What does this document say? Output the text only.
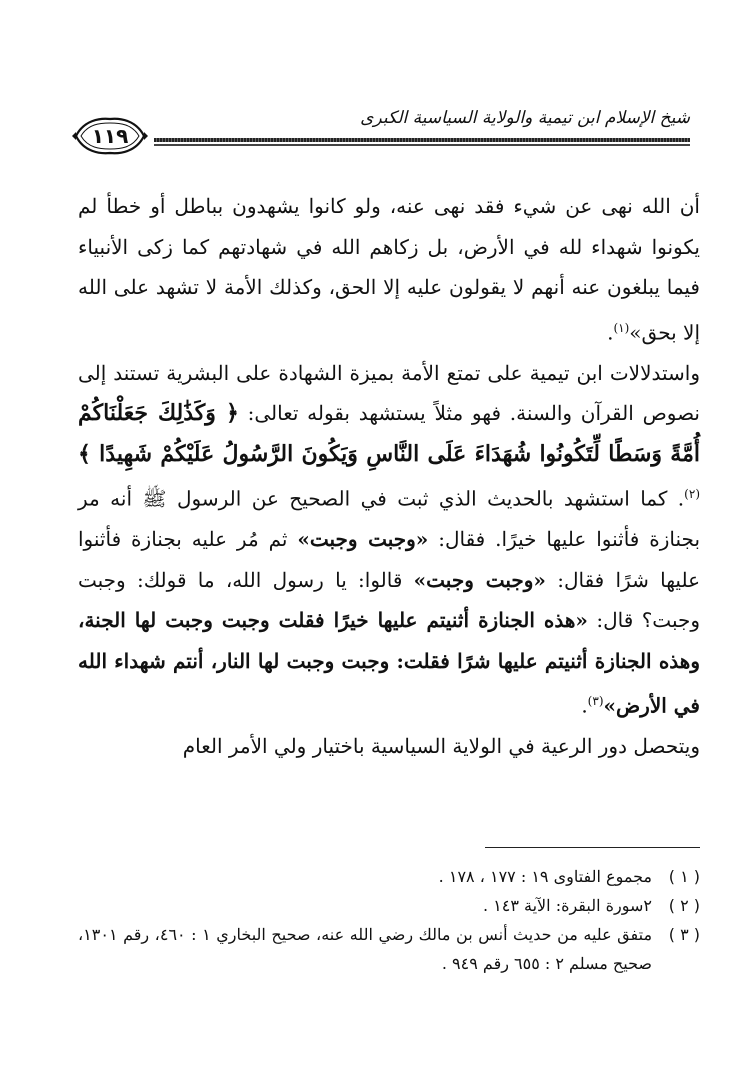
١١٩
شيخ الإسلام ابن تيمية والولاية السياسية الكبرى

أن الله نهى عن شيء فقد نهى عنه، ولو كانوا يشهدون بباطل أو خطأ لم يكونوا شهداء لله في الأرض، بل زكاهم الله في شهادتهم كما زكى الأنبياء فيما يبلغون عنه أنهم لا يقولون عليه إلا الحق، وكذلك الأمة لا تشهد على الله إلا بحق»$^{(١)}$.

واستدلالات ابن تيمية على تمتع الأمة بميزة الشهادة على البشرية تستند إلى نصوص القرآن والسنة. فهو مثلاً يستشهد بقوله تعالى: ﴿ وَكَذَٰلِكَ جَعَلْنَاكُمْ أُمَّةً وَسَطًا لِّتَكُونُوا شُهَدَاءَ عَلَى النَّاسِ وَيَكُونَ الرَّسُولُ عَلَيْكُمْ شَهِيدًا ﴾$^{(٢)}$. كما استشهد بالحديث الذي ثبت في الصحيح عن الرسول ﷺ أنه مر بجنازة فأثنوا عليها خيرًا. فقال: «وجبت وجبت» ثم مُر عليه بجنازة فأثنوا عليها شرًا فقال: «وجبت وجبت» قالوا: يا رسول الله، ما قولك: وجبت وجبت؟ قال: «هذه الجنازة أثنيتم عليها خيرًا فقلت وجبت وجبت لها الجنة، وهذه الجنازة أثنيتم عليها شرًا فقلت: وجبت وجبت لها النار، أنتم شهداء الله في الأرض»$^{(٣)}$.

ويتحصل دور الرعية في الولاية السياسية باختيار ولي الأمر العام

( ١ )
مجموع الفتاوى ١٩ : ١٧٧ ، ١٧٨ .
( ٢ )
٢سورة البقرة: الآية ١٤٣ .
( ٣ )
متفق عليه من حديث أنس بن مالك رضي الله عنه، صحيح البخاري ١ : ٤٦٠، رقم ١٣٠١، صحيح مسلم ٢ : ٦٥٥ رقم ٩٤٩ .
